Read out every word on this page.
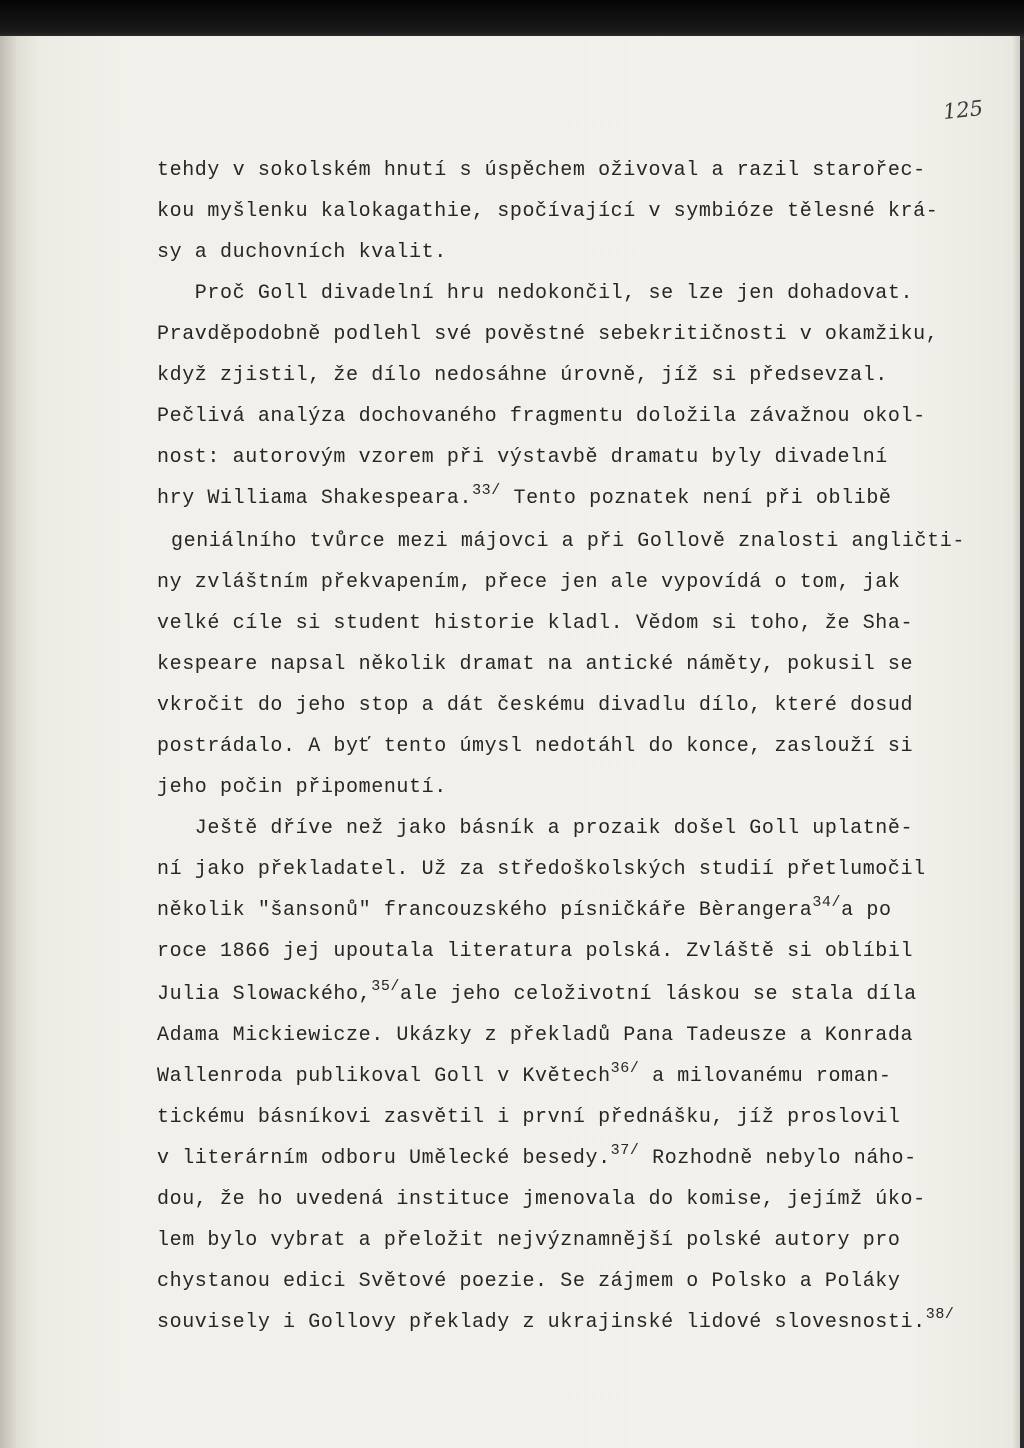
125

tehdy v sokolském hnutí s úspěchem oživoval a razil starořec-

kou myšlenku kalokagathie, spočívající v symbióze tělesné krá-

sy a duchovních kvalit.

Proč Goll divadelní hru nedokončil, se lze jen dohadovat.

Pravděpodobně podlehl své pověstné sebekritičnosti v okamžiku,

když zjistil, že dílo nedosáhne úrovně, jíž si předsevzal.

Pečlivá analýza dochovaného fragmentu doložila závažnou okol-

nost: autorovým vzorem při výstavbě dramatu byly divadelní

hry Williama Shakespeara.$^{33/}$ Tento poznatek není při oblibě

geniálního tvůrce mezi májovci a při Gollově znalosti angličti-

ny zvláštním překvapením, přece jen ale vypovídá o tom, jak

velké cíle si student historie kladl. Vědom si toho, že Sha-

kespeare napsal několik dramat na antické náměty, pokusil se

vkročit do jeho stop a dát českému divadlu dílo, které dosud

postrádalo. A byť tento úmysl nedotáhl do konce, zaslouží si

jeho počin připomenutí.

Ještě dříve než jako básník a prozaik došel Goll uplatně-

ní jako překladatel. Už za středoškolských studií přetlumočil

několik "šansonů" francouzského písničkáře Bèrangera$^{34/}$a po

roce 1866 jej upoutala literatura polská. Zvláště si oblíbil

Julia Slowackého,$^{35/}$ale jeho celoživotní láskou se stala díla

Adama Mickiewicze. Ukázky z překladů Pana Tadeusze a Konrada

Wallenroda publikoval Goll v Květech$^{36/}$ a milovanému roman-

tickému básníkovi zasvětil i první přednášku, jíž proslovil

v literárním odboru Umělecké besedy.$^{37/}$ Rozhodně nebylo náho-

dou, že ho uvedená instituce jmenovala do komise, jejímž úko-

lem bylo vybrat a přeložit nejvýznamnější polské autory pro

chystanou edici Světové poezie. Se zájmem o Polsko a Poláky

souvisely i Gollovy překlady z ukrajinské lidové slovesnosti.$^{38/}$
